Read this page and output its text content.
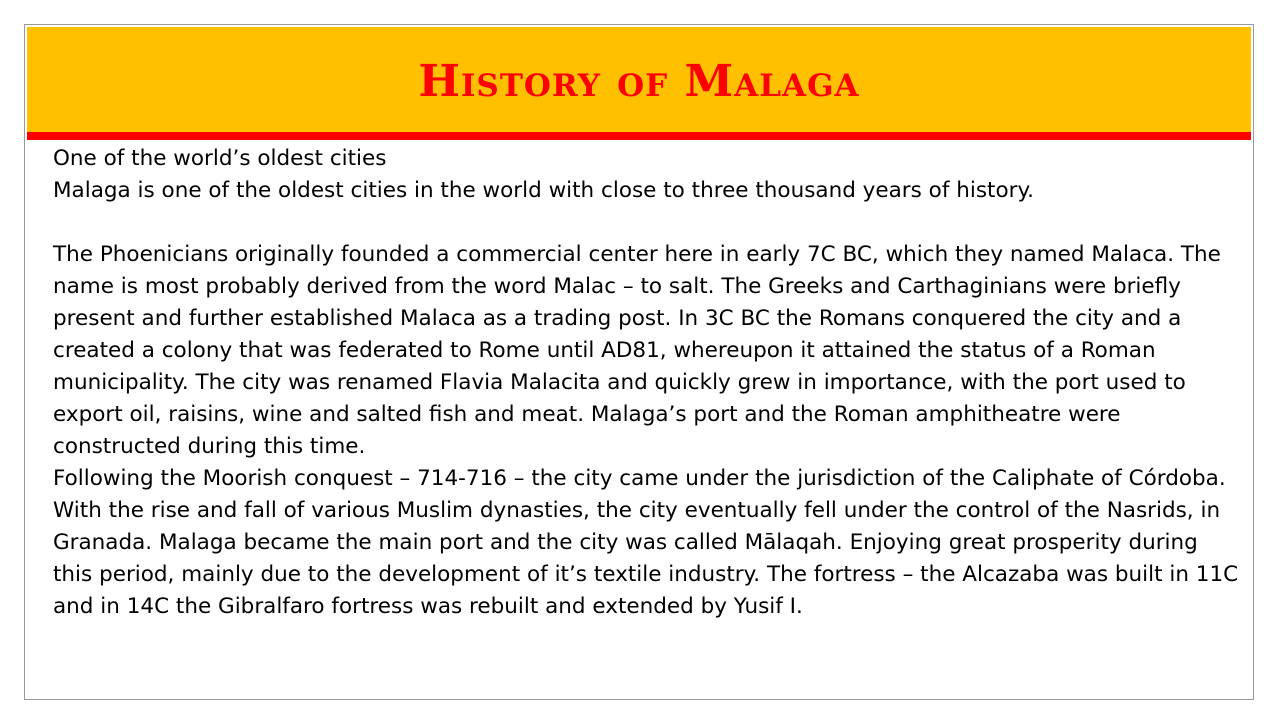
History of Malaga

One of the world’s oldest cities

Malaga is one of the oldest cities in the world with close to three thousand years of history.

The Phoenicians originally founded a commercial center here in early 7C BC, which they named Malaca. The name is most probably derived from the word Malac – to salt. The Greeks and Carthaginians were briefly present and further established Malaca as a trading post. In 3C BC the Romans conquered the city and a created a colony that was federated to Rome until AD81, whereupon it attained the status of a Roman municipality. The city was renamed Flavia Malacita and quickly grew in importance, with the port used to export oil, raisins, wine and salted fish and meat. Malaga’s port and the Roman amphitheatre were constructed during this time.

Following the Moorish conquest – 714-716 – the city came under the jurisdiction of the Caliphate of Córdoba.

With the rise and fall of various Muslim dynasties, the city eventually fell under the control of the Nasrids, in Granada. Malaga became the main port and the city was called Mālaqah. Enjoying great prosperity during this period, mainly due to the development of it’s textile industry. The fortress – the Alcazaba was built in 11C and in 14C the Gibralfaro fortress was rebuilt and extended by Yusif I.
